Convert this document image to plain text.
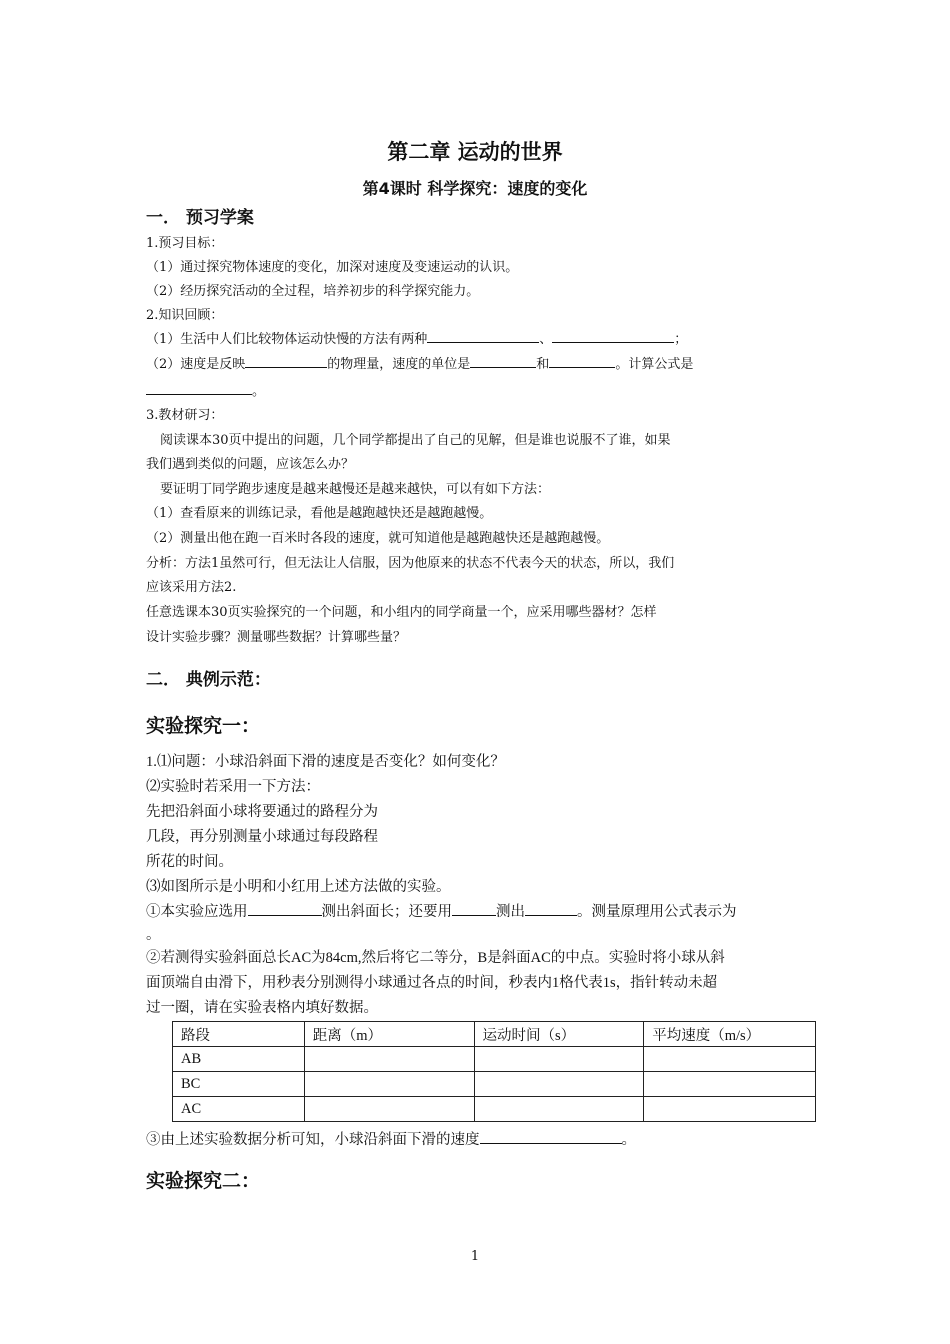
第二章 运动的世界
第4课时 科学探究：速度的变化
一． 预习学案
1.预习目标：
（1）通过探究物体速度的变化，加深对速度及变速运动的认识。
（2）经历探究活动的全过程，培养初步的科学探究能力。
2.知识回顾：
（1）生活中人们比较物体运动快慢的方法有两种	、	；
（2）速度是反映	的物理量，速度的单位是	和	。计算公式是
。
3.教材研习：
阅读课本30页中提出的问题，几个同学都提出了自己的见解，但是谁也说服不了谁，如果
我们遇到类似的问题，应该怎么办？
要证明丁同学跑步速度是越来越慢还是越来越快，可以有如下方法：
（1）查看原来的训练记录，看他是越跑越快还是越跑越慢。
（2）测量出他在跑一百米时各段的速度，就可知道他是越跑越快还是越跑越慢。
分析：方法1虽然可行，但无法让人信服，因为他原来的状态不代表今天的状态，所以，我们
应该采用方法2.
任意选课本30页实验探究的一个问题，和小组内的同学商量一个，应采用哪些器材？怎样
设计实验步骤？测量哪些数据？计算哪些量？
二． 典例示范：
实验探究一：
1.⑴问题：小球沿斜面下滑的速度是否变化？如何变化？
⑵实验时若采用一下方法：
先把沿斜面小球将要通过的路程分为
几段，再分别测量小球通过每段路程
所花的时间。
⑶如图所示是小明和小红用上述方法做的实验。
①本实验应选用	测出斜面长；还要用	测出	。测量原理用公式表示为
。
②若测得实验斜面总长AC为84cm,然后将它二等分，B是斜面AC的中点。实验时将小球从斜
面顶端自由滑下，用秒表分别测得小球通过各点的时间，秒表内1格代表1s，指针转动未超
过一圈，请在实验表格内填好数据。
路段	距离（m）	运动时间（s）	平均速度（m/s）
AB			
BC			
AC			
③由上述实验数据分析可知，小球沿斜面下滑的速度	。
实验探究二：
1
